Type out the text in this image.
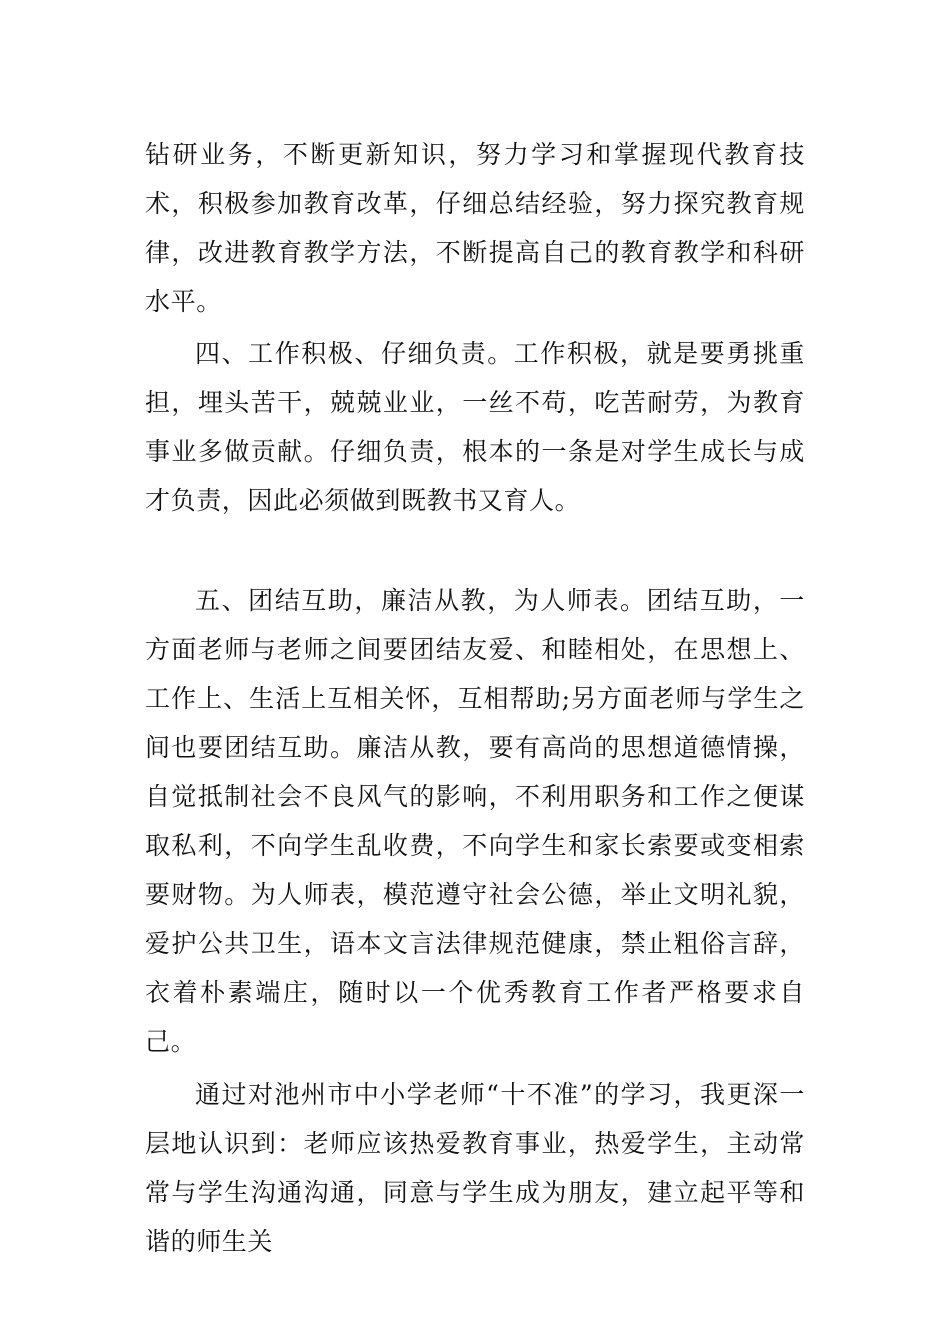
钻研业务，不断更新知识，努力学习和掌握现代教育技术，积极参加教育改革，仔细总结经验，努力探究教育规律，改进教育教学方法，不断提高自己的教育教学和科研水平。

四、工作积极、仔细负责。工作积极，就是要勇挑重担，埋头苦干，兢兢业业，一丝不苟，吃苦耐劳，为教育事业多做贡献。仔细负责，根本的一条是对学生成长与成才负责，因此必须做到既教书又育人。

五、团结互助，廉洁从教，为人师表。团结互助，一方面老师与老师之间要团结友爱、和睦相处，在思想上、工作上、生活上互相关怀，互相帮助;另方面老师与学生之间也要团结互助。廉洁从教，要有高尚的思想道德情操，自觉抵制社会不良风气的影响，不利用职务和工作之便谋取私利，不向学生乱收费，不向学生和家长索要或变相索要财物。为人师表，模范遵守社会公德，举止文明礼貌，爱护公共卫生，语本文言法律规范健康，禁止粗俗言辞，衣着朴素端庄，随时以一个优秀教育工作者严格要求自己。

通过对池州市中小学老师“十不准”的学习，我更深一层地认识到：老师应该热爱教育事业，热爱学生，主动常常与学生沟通沟通，同意与学生成为朋友，建立起平等和谐的师生关
